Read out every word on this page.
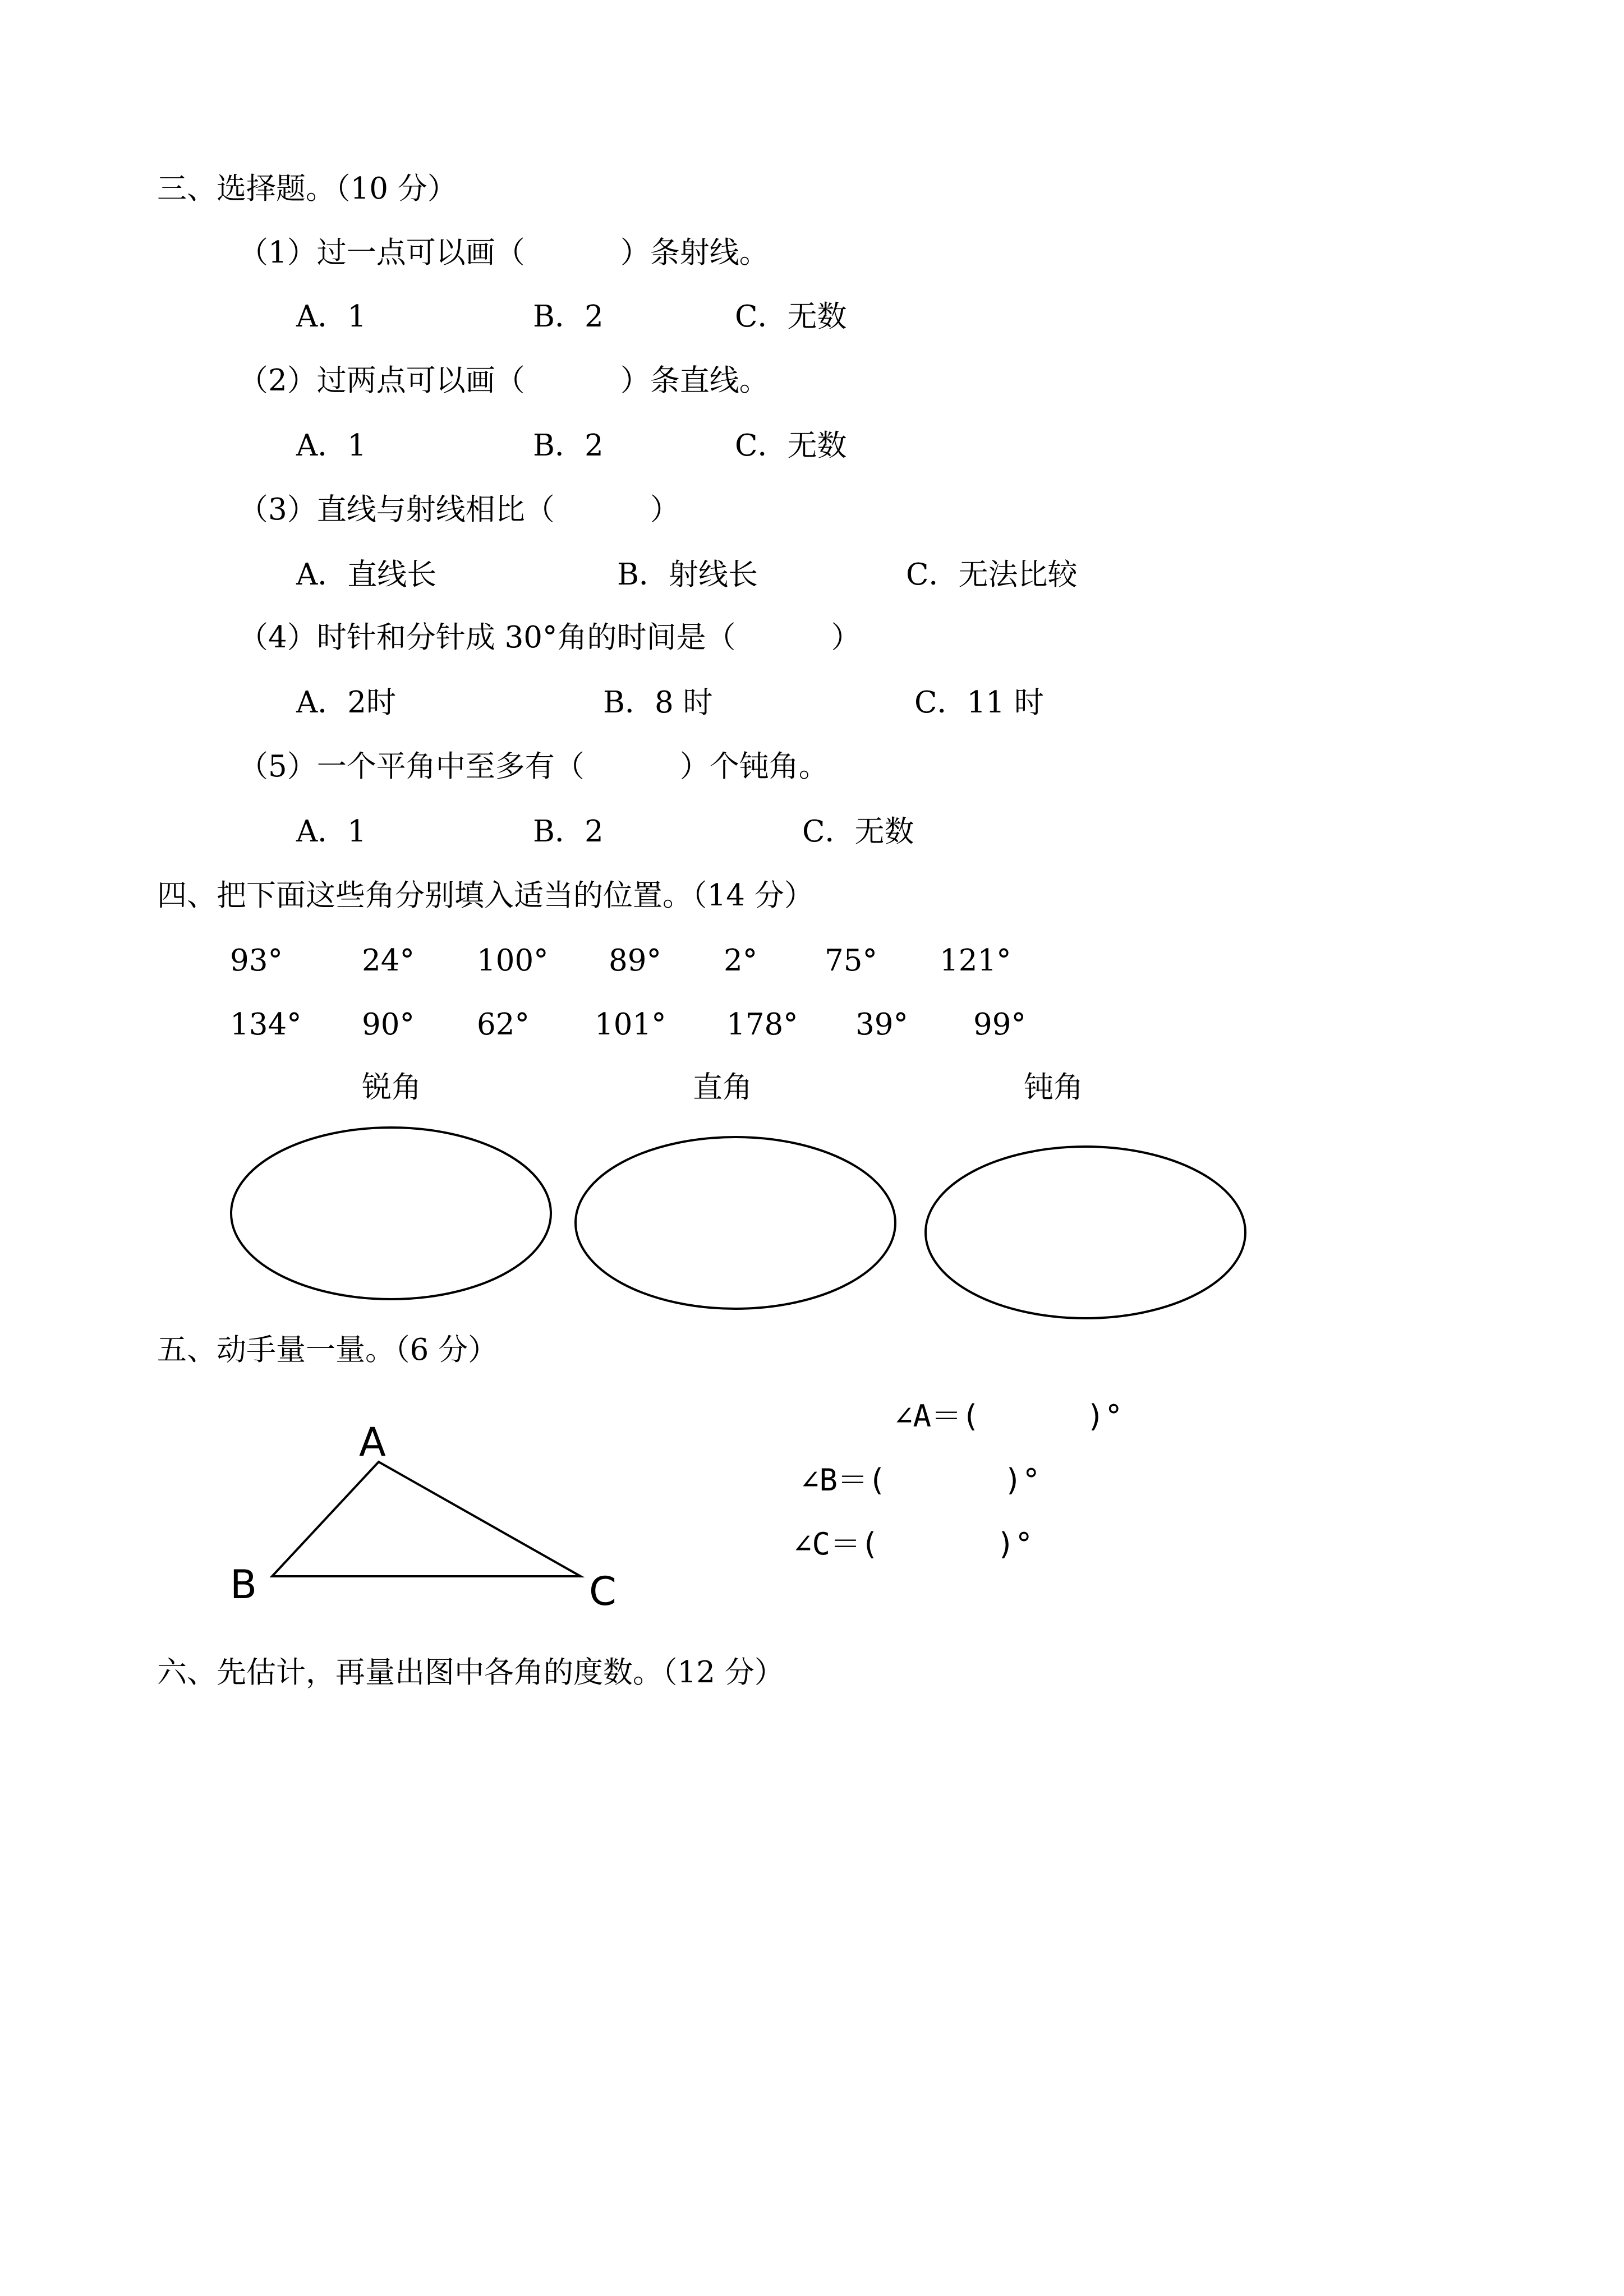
三、选择题。（10 分）
（1）过一点可以画（	）条射线。
A．1	B．2	C．无数
（2）过两点可以画（	）条直线。
A．1	B．2	C．无数
（3）直线与射线相比（	）
A．直线长	B．射线长	C．无法比较
（4）时针和分针成 30°角的时间是（	）
A．2时	B．8 时	C．11 时
（5）一个平角中至多有（	）个钝角。
A．1	B．2	C．无数
四、把下面这些角分别填入适当的位置。（14 分）
93°	24° 100° 89° 2° 75° 121°
134° 90° 62° 101° 178° 39° 99°
锐角	直角	钝角
五、动手量一量。（6 分）
A
B	C
∠A＝(	)°
∠B＝(	)°
∠C＝(	)°
六、先估计，再量出图中各角的度数。（12 分）
